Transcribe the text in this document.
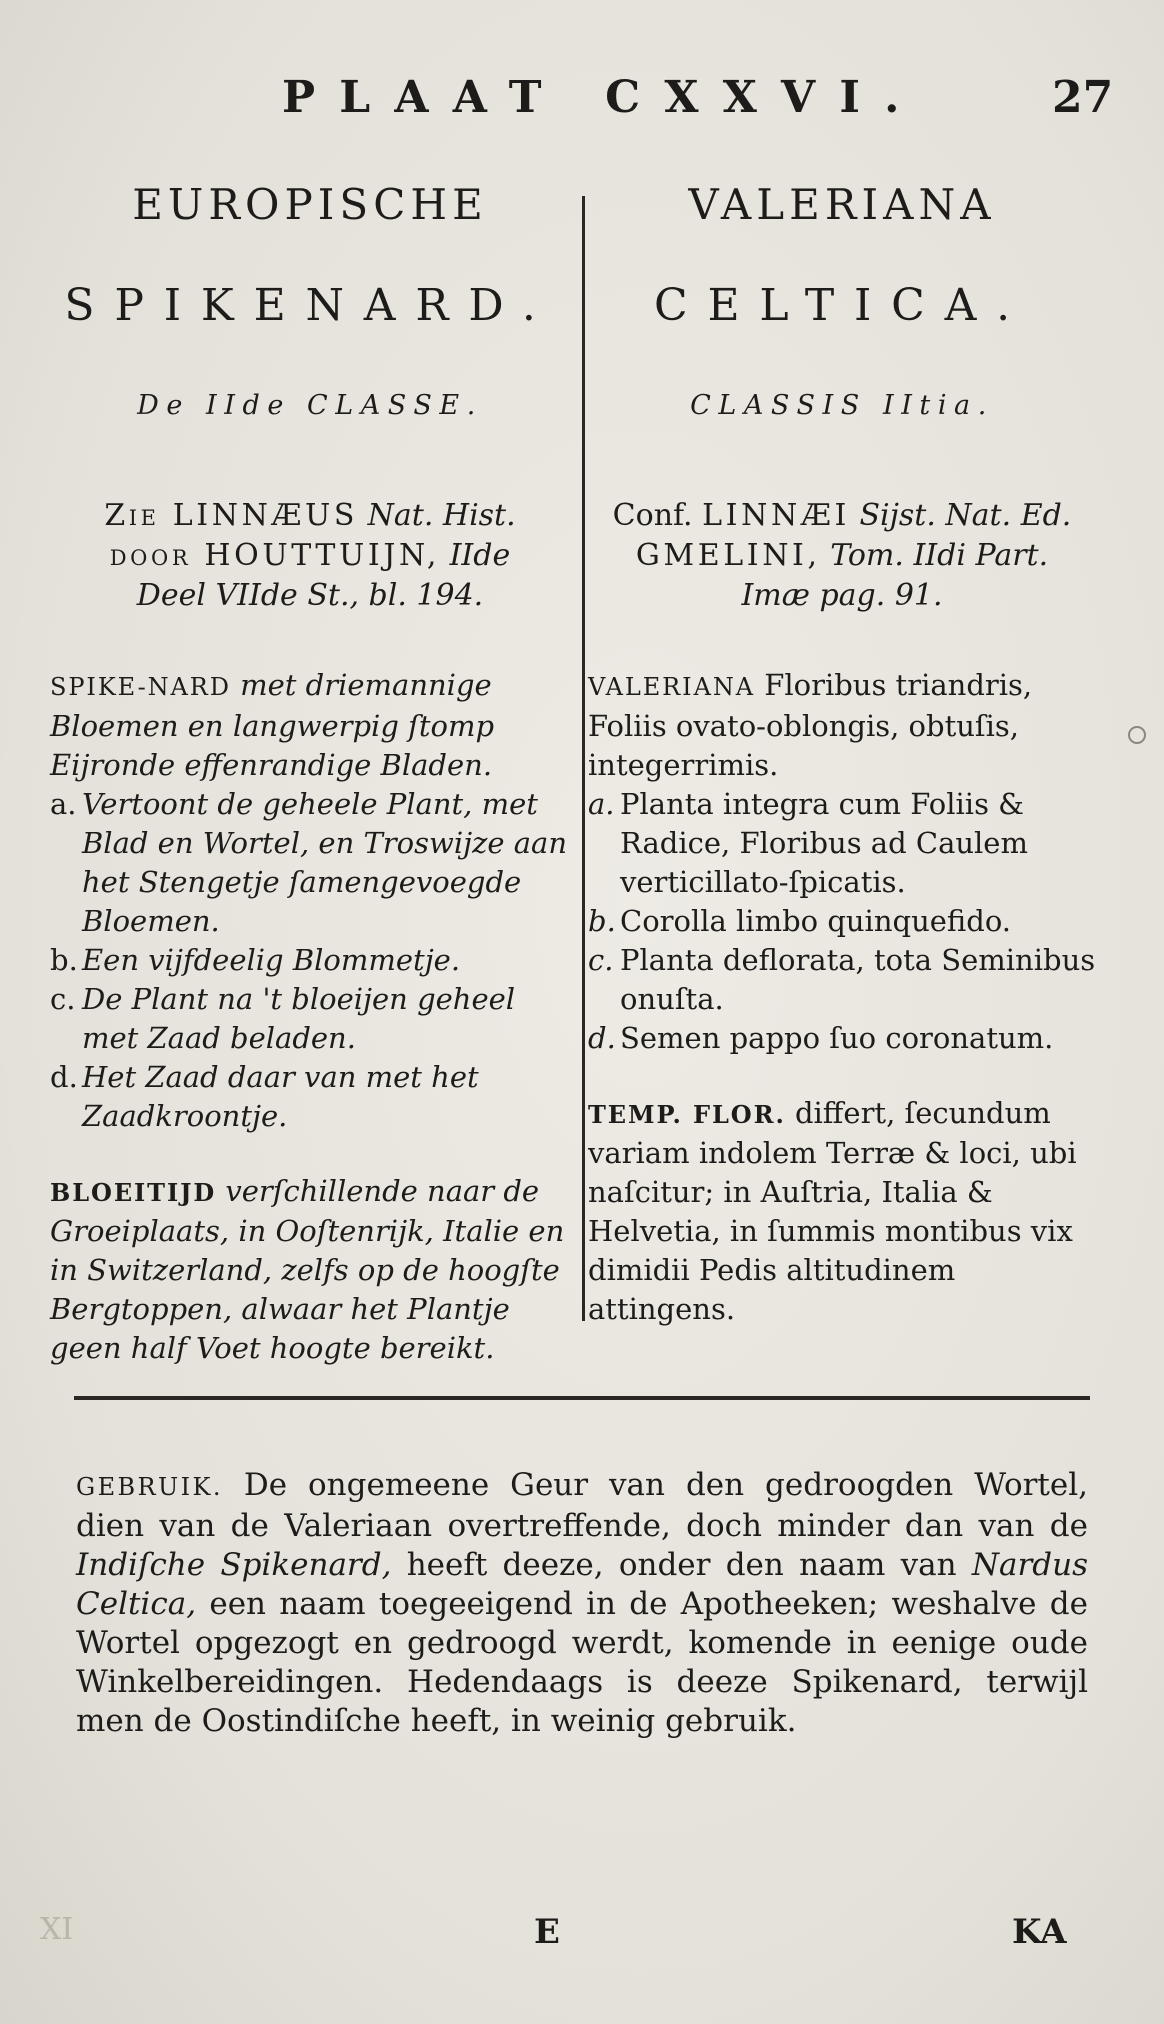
PLAAT CXXVI.	27
EUROPISCHE
SPIKENARD.
De IIde CLASSE.
Zie LINNÆUS Nat. Hist.
door HOUTTUIJN, IIde
Deel VIIde St., bl. 194.
SPIKE-NARD met driemannige Bloemen en langwerpig ſtomp Eijronde effenrandige Bladen.
a. Vertoont de geheele Plant, met Blad en Wortel, en Troswijze aan het Stengetje ſamengevoegde Bloemen.
b. Een vijfdeelig Blommetje.
c. De Plant na 't bloeijen geheel met Zaad beladen.
d. Het Zaad daar van met het Zaadkroontje.
BLOEITIJD verſchillende naar de Groeiplaats, in Ooſtenrijk, Italie en in Switzerland, zelfs op de hoogſte Bergtoppen, alwaar het Plantje geen half Voet hoogte bereikt.
VALERIANA
CELTICA.
CLASSIS IItia.
Conf. LINNÆI Sijst. Nat. Ed.
GMELINI, Tom. IIdi Part.
Imæ pag. 91.
VALERIANA Floribus triandris, Foliis ovato-oblongis, obtuſis, integerrimis.
a. Planta integra cum Foliis & Radice, Floribus ad Caulem verticillato-ſpicatis.
b. Corolla limbo quinquefido.
c. Planta deflorata, tota Seminibus onuſta.
d. Semen pappo ſuo coronatum.
TEMP. FLOR. differt, ſecundum variam indolem Terræ & loci, ubi naſcitur; in Auſtria, Italia & Helvetia, in ſummis montibus vix dimidii Pedis altitudinem attingens.
GEBRUIK. De ongemeene Geur van den gedroogden Wortel, dien van de Valeriaan overtreffende, doch minder dan van de Indiſche Spikenard, heeft deeze, onder den naam van Nardus Celtica, een naam toegeeigend in de Apotheeken; weshalve de Wortel opgezogt en gedroogd werdt, komende in eenige oude Winkelbereidingen. Hedendaags is deeze Spikenard, terwijl men de Oostindiſche heeft, in weinig gebruik.
XI	E	KA
